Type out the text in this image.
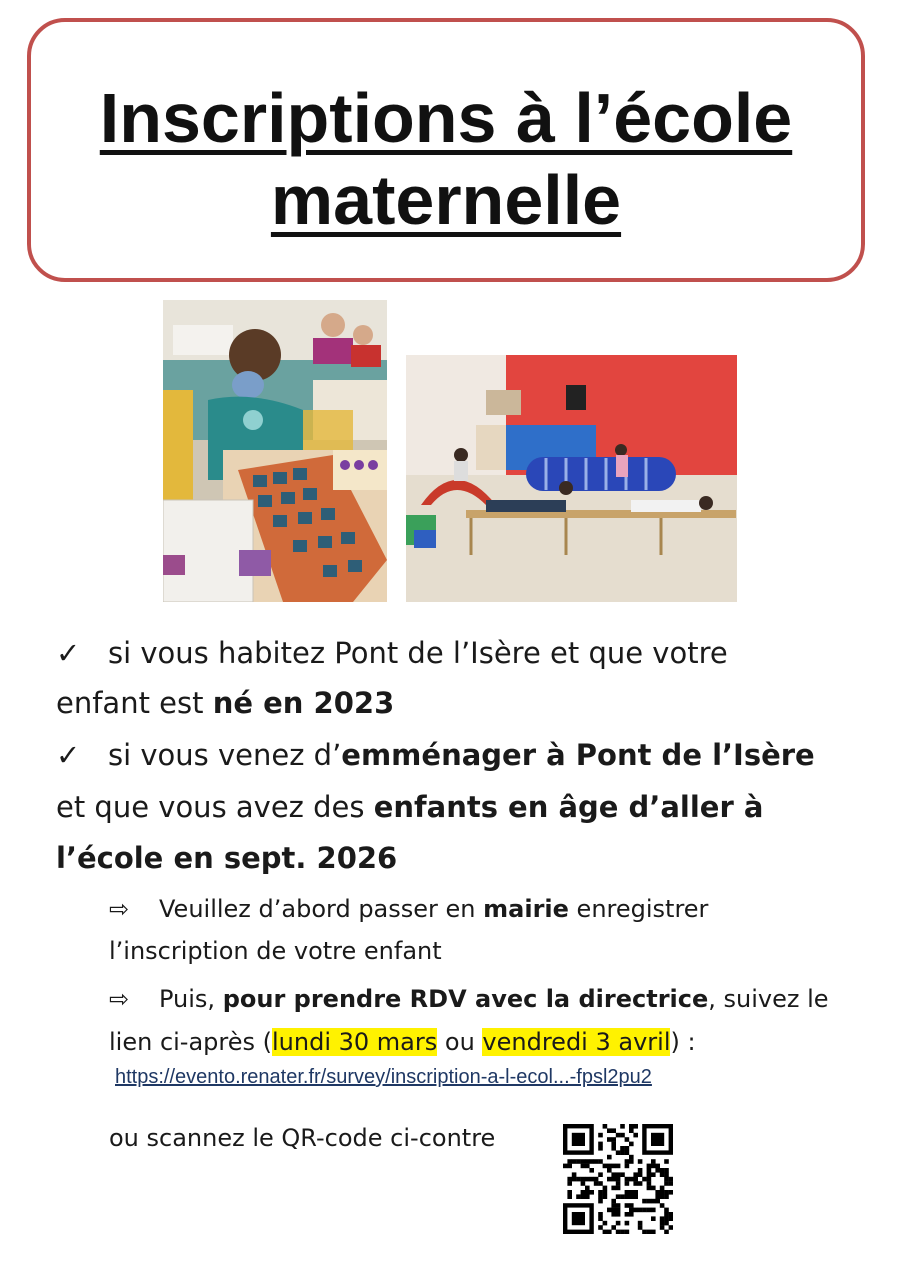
Inscriptions à l’école
maternelle
✓ si vous habitez Pont de l’Isère et que votre
enfant est né en 2023
✓ si vous venez d’emménager à Pont de l’Isère
et que vous avez des enfants en âge d’aller à
l’école en sept. 2026
⇨ Veuillez d’abord passer en mairie enregistrer
l’inscription de votre enfant
⇨ Puis, pour prendre RDV avec la directrice, suivez le
lien ci-après (lundi 30 mars ou vendredi 3 avril) :
https://evento.renater.fr/survey/inscription-a-l-ecol...-fpsl2pu2
ou scannez le QR-code ci-contre
